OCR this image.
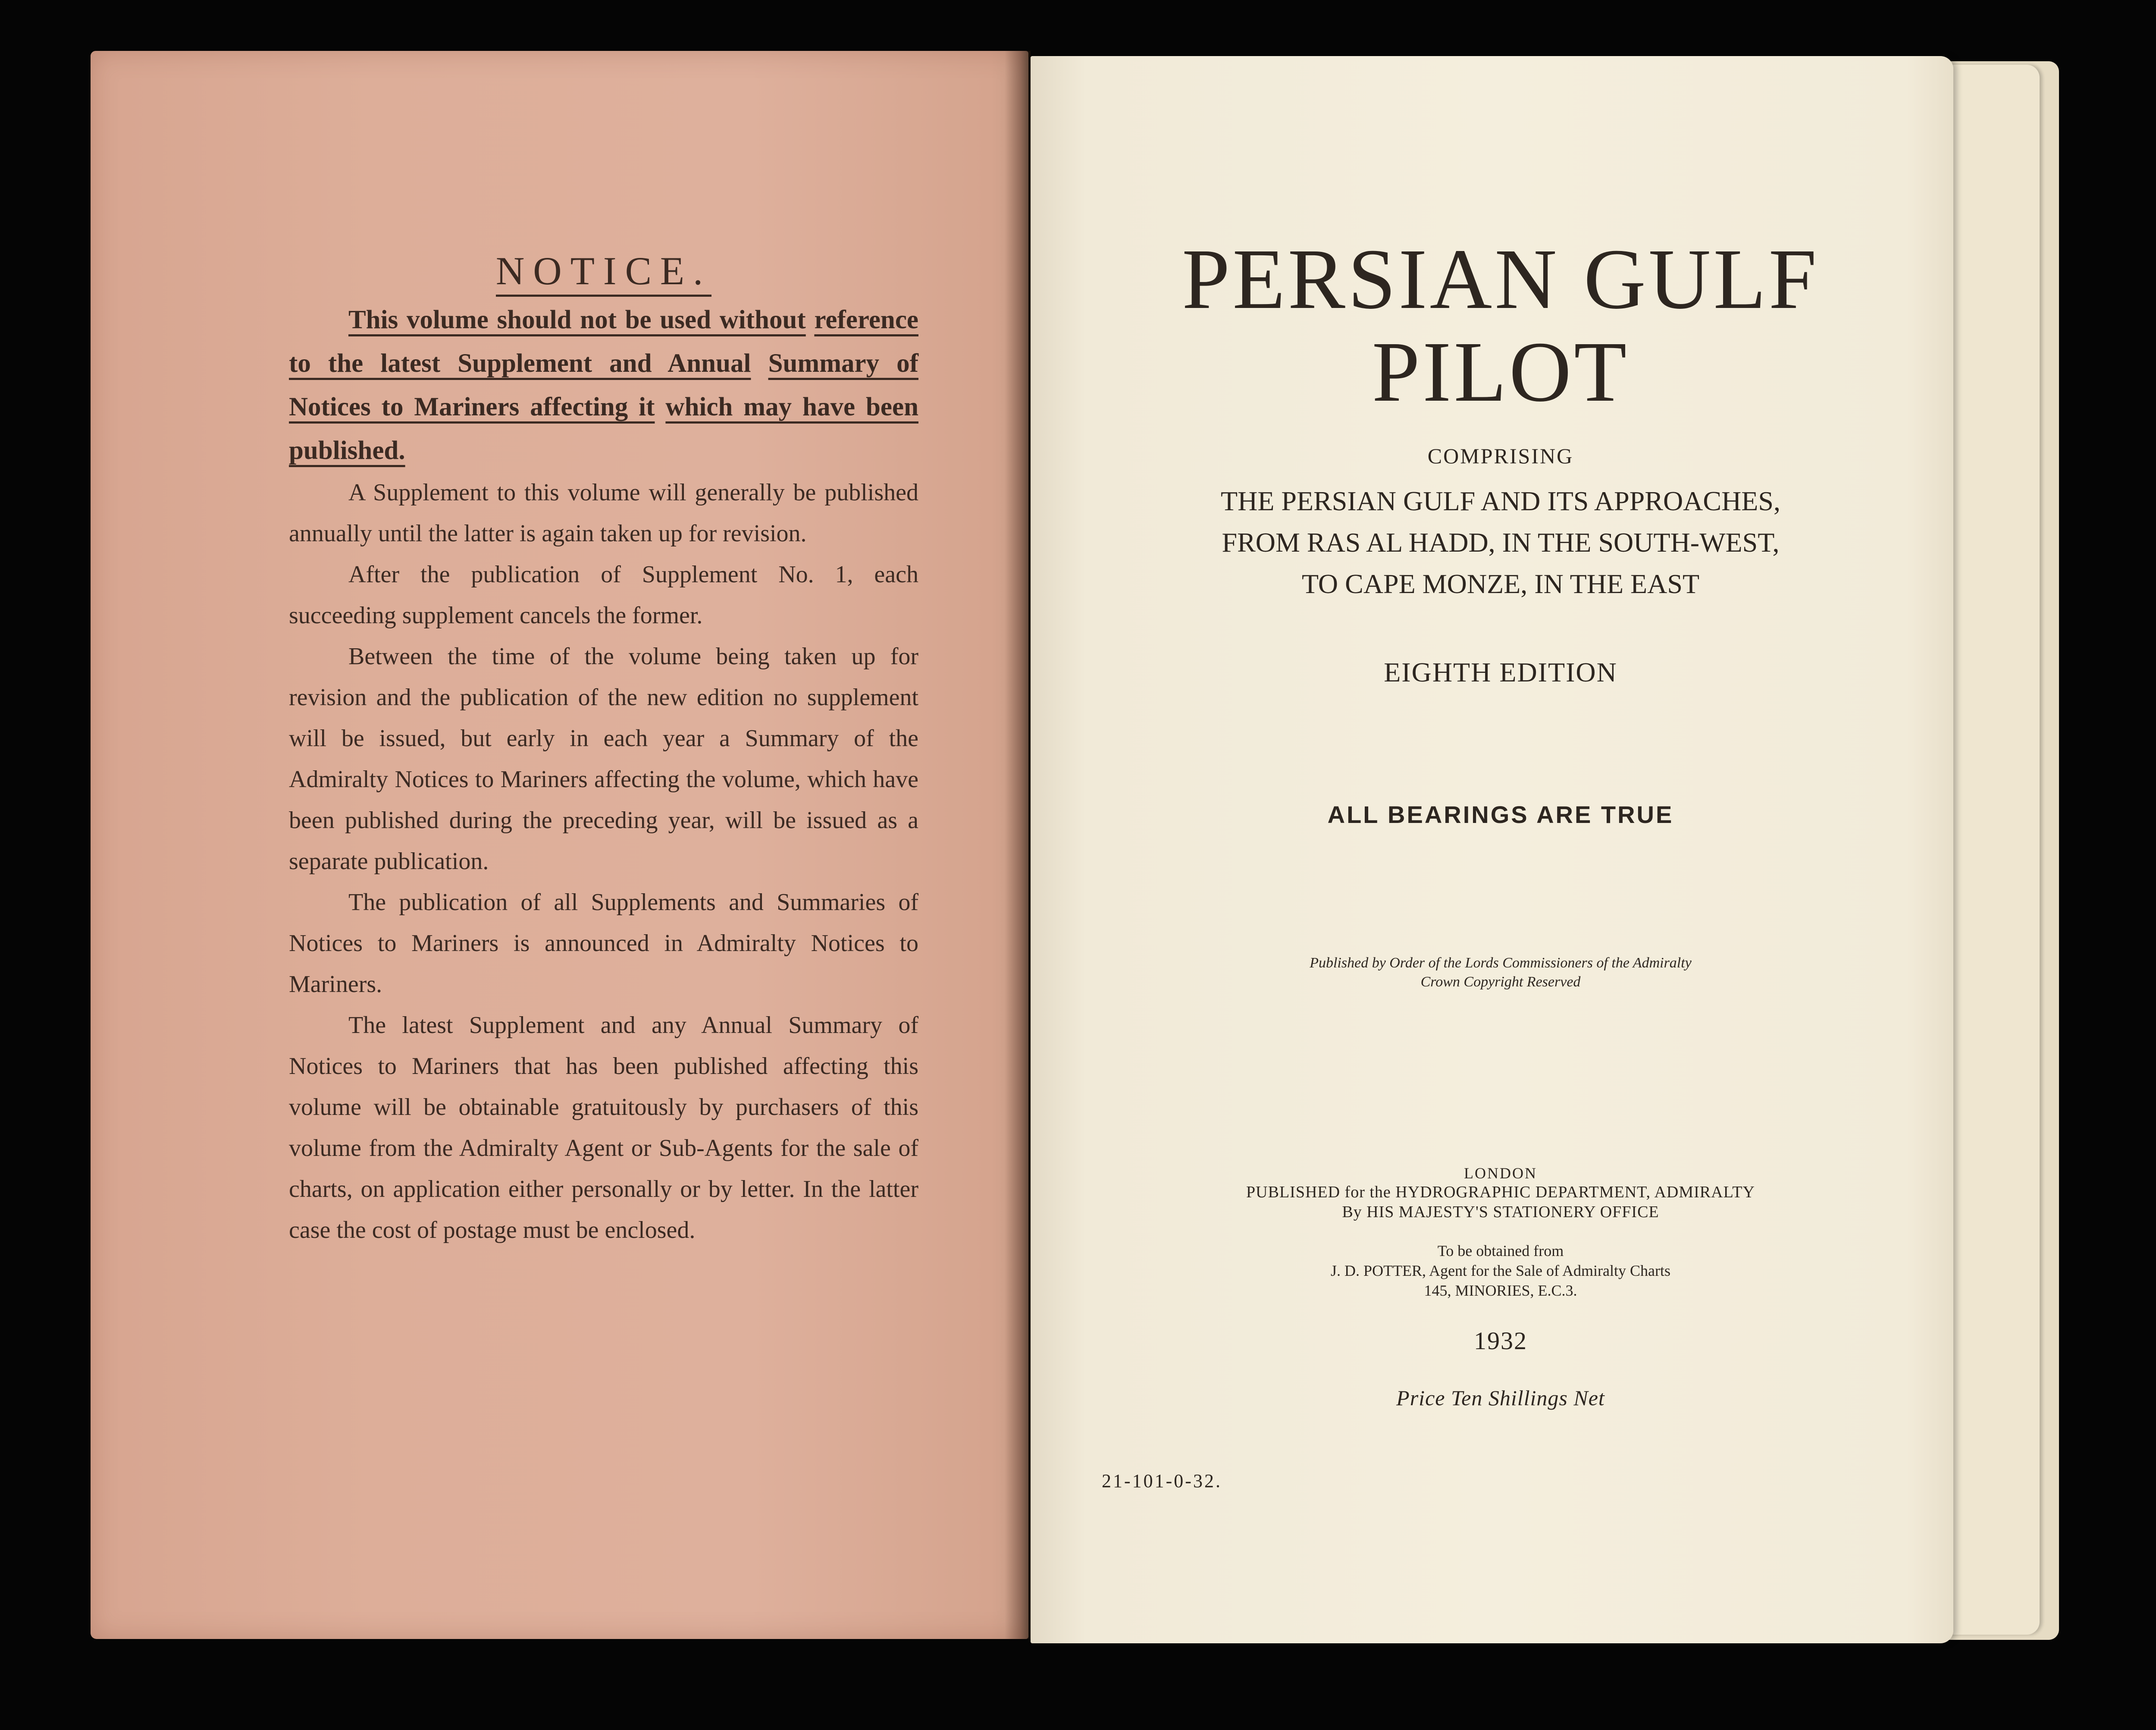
NOTICE.

This volume should not be used without reference to the latest Supplement and Annual Summary of Notices to Mariners affecting it which may have been published.

A Supplement to this volume will generally be published annually until the latter is again taken up for revision.

After the publication of Supplement No. 1, each succeeding supplement cancels the former.

Between the time of the volume being taken up for revision and the publication of the new edition no supplement will be issued, but early in each year a Summary of the Admiralty Notices to Mariners affecting the volume, which have been published during the preceding year, will be issued as a separate publication.

The publication of all Supplements and Summaries of Notices to Mariners is announced in Admiralty Notices to Mariners.

The latest Supplement and any Annual Summary of Notices to Mariners that has been published affecting this volume will be obtainable gratuitously by purchasers of this volume from the Admiralty Agent or Sub-Agents for the sale of charts, on application either personally or by letter. In the latter case the cost of postage must be enclosed.

PERSIAN GULF
PILOT
COMPRISING
THE PERSIAN GULF AND ITS APPROACHES,
FROM RAS AL HADD, IN THE SOUTH-WEST,
TO CAPE MONZE, IN THE EAST
EIGHTH EDITION
ALL BEARINGS ARE TRUE
Published by Order of the Lords Commissioners of the Admiralty
Crown Copyright Reserved
LONDON
PUBLISHED for the HYDROGRAPHIC DEPARTMENT, ADMIRALTY
By HIS MAJESTY'S STATIONERY OFFICE
To be obtained from
J. D. POTTER, Agent for the Sale of Admiralty Charts
145, MINORIES, E.C.3.
1932
Price Ten Shillings Net
21-101-0-32.
